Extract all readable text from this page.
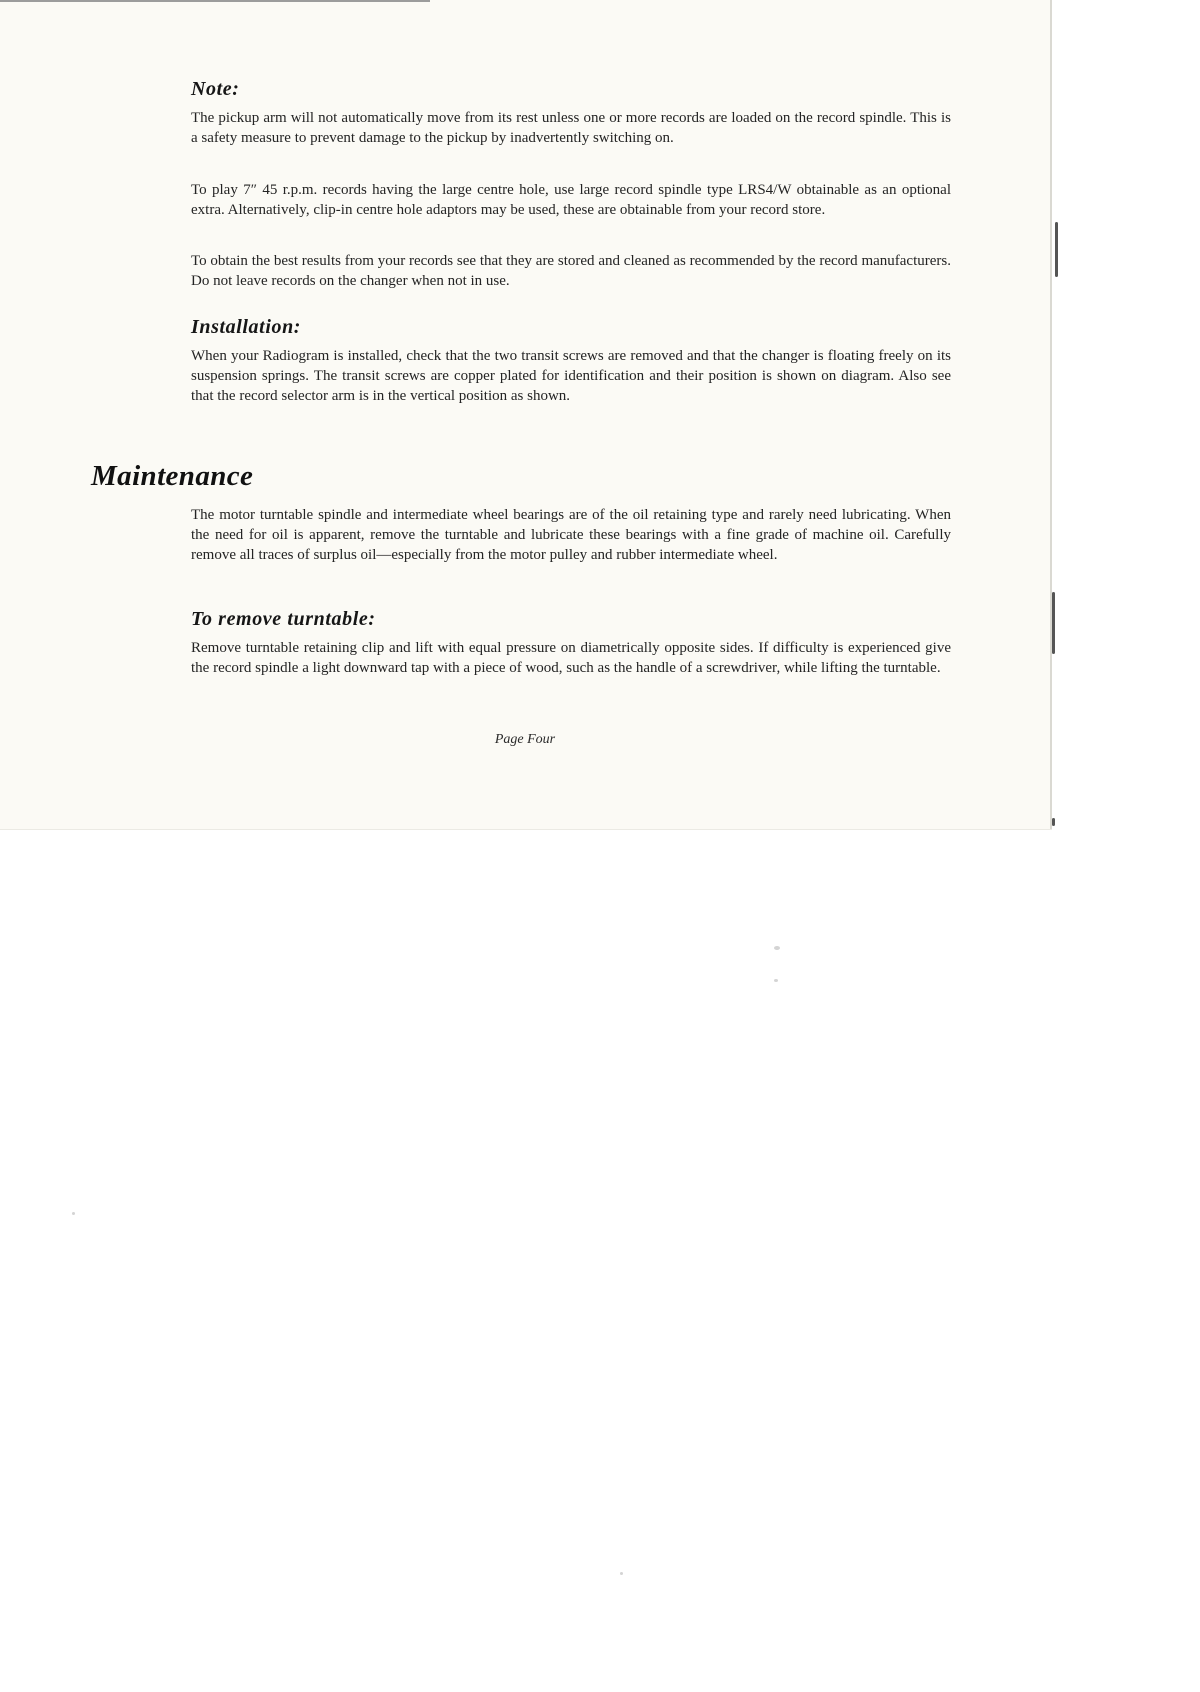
Note:

The pickup arm will not automatically move from its rest unless one or more records are loaded on the record spindle. This is a safety measure to prevent damage to the pickup by inadvertently switching on.

To play 7″ 45 r.p.m. records having the large centre hole, use large record spindle type LRS4/W obtainable as an optional extra. Alternatively, clip-in centre hole adaptors may be used, these are obtainable from your record store.

To obtain the best results from your records see that they are stored and cleaned as recommended by the record manufacturers. Do not leave records on the changer when not in use.

Installation:

When your Radiogram is installed, check that the two transit screws are removed and that the changer is floating freely on its suspension springs. The transit screws are copper plated for identification and their position is shown on diagram. Also see that the record selector arm is in the vertical position as shown.

Maintenance

The motor turntable spindle and intermediate wheel bearings are of the oil retaining type and rarely need lubricating. When the need for oil is apparent, remove the turntable and lubricate these bearings with a fine grade of machine oil. Carefully remove all traces of surplus oil—especially from the motor pulley and rubber intermediate wheel.

To remove turntable:

Remove turntable retaining clip and lift with equal pressure on diametrically opposite sides. If difficulty is experienced give the record spindle a light downward tap with a piece of wood, such as the handle of a screwdriver, while lifting the turntable.

Page Four
